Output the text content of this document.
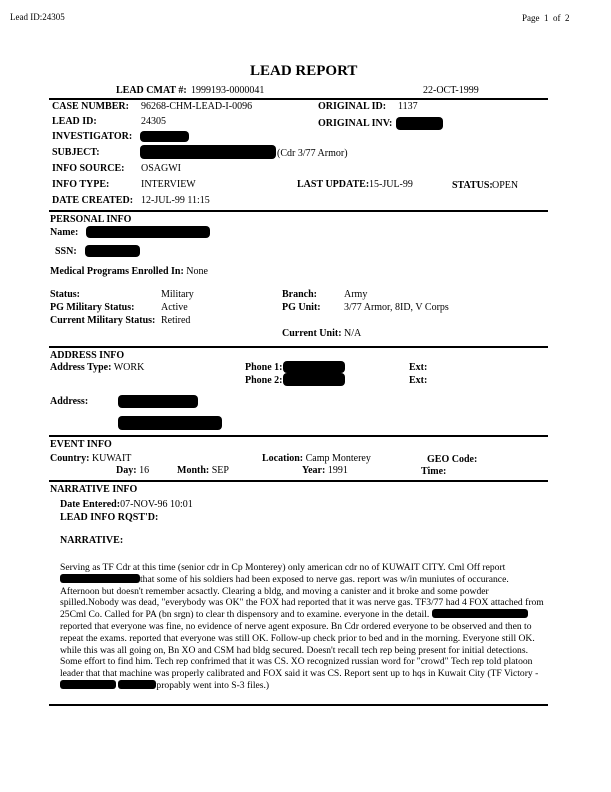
Lead ID:24305	Page 1 of 2
LEAD REPORT
LEAD CMAT #: 1999193-0000041	22-OCT-1999
CASE NUMBER: 96268-CHM-LEAD-I-0096	ORIGINAL ID: 1137
LEAD ID:	24305	ORIGINAL INV:
INVESTIGATOR:
SUBJECT:	(Cdr 3/77 Armor)
INFO SOURCE: OSAGWI
INFO TYPE:	INTERVIEW	LAST UPDATE: 15-JUL-99	STATUS: OPEN
DATE CREATED: 12-JUL-99 11:15
PERSONAL INFO
Name:
SSN:
Medical Programs Enrolled In: None
Status:	Military	Branch:	Army
PG Military Status:	Active	PG Unit: 3/77 Armor, 8ID, V Corps
Current Military Status: Retired
Current Unit: N/A
ADDRESS INFO
Address Type: WORK	Phone 1:	Ext:
Phone 2:	Ext:
Address:
EVENT INFO
Country: KUWAIT	Location: Camp Monterey	GEO Code:
Day: 16	Month: SEP	Year: 1991	Time:
NARRATIVE INFO
Date Entered:07-NOV-96 10:01
LEAD INFO RQST'D:
NARRATIVE:
Serving as TF Cdr at this time (senior cdr in Cp Monterey) only american cdr no of KUWAIT CITY. Cml Off report that some of his soldiers had been exposed to nerve gas. report was w/in muniutes of occurance. Afternoon but doesn't remember acsactly. Clearing a bldg, and moving a canister and it broke and some powder spilled.Nobody was dead, "everybody was OK" the FOX had reported that it was nerve gas. TF3/77 had 4 FOX attached from 25Cml Co. Called for PA (bn srgn) to clear th dispensory and to examine. everyone in the detail.  reported that everyone was fine, no evidence of nerve agent exposure. Bn Cdr ordered everyone to be observed and then to repeat the exams. reported that everyone was still OK. Follow-up check prior to bed and in the morning. Everyone still OK. while this was all going on, Bn XO and CSM had bldg secured. Doesn't recall tech rep being present for initial detections. Some effort to find him. Tech rep confrimed that it was CS. XO recognized russian word for "crowd" Tech rep told platoon leader that that machine was properly calibrated and FOX said it was CS. Report sent up to hqs in Kuwait City (TF Victory -  propably went into S-3 files.)
